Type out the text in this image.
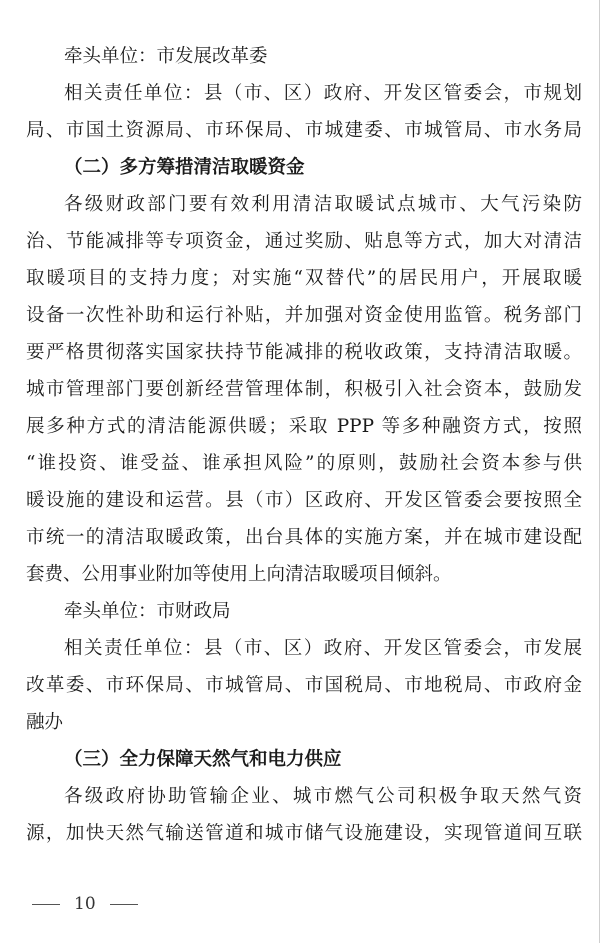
牵头单位：市发展改革委
相关责任单位：县（市、区）政府、开发区管委会，市规划
局、市国土资源局、市环保局、市城建委、市城管局、市水务局
（二）多方筹措清洁取暖资金
各级财政部门要有效利用清洁取暖试点城市、大气污染防
治、节能减排等专项资金，通过奖励、贴息等方式，加大对清洁
取暖项目的支持力度；对实施“双替代”的居民用户，开展取暖
设备一次性补助和运行补贴，并加强对资金使用监管。税务部门
要严格贯彻落实国家扶持节能减排的税收政策，支持清洁取暖。
城市管理部门要创新经营管理体制，积极引入社会资本，鼓励发
展多种方式的清洁能源供暖；采取 PPP 等多种融资方式，按照
“谁投资、谁受益、谁承担风险”的原则，鼓励社会资本参与供
暖设施的建设和运营。县（市）区政府、开发区管委会要按照全
市统一的清洁取暖政策，出台具体的实施方案，并在城市建设配
套费、公用事业附加等使用上向清洁取暖项目倾斜。
牵头单位：市财政局
相关责任单位：县（市、区）政府、开发区管委会，市发展
改革委、市环保局、市城管局、市国税局、市地税局、市政府金
融办
（三）全力保障天然气和电力供应
各级政府协助管输企业、城市燃气公司积极争取天然气资
源，加快天然气输送管道和城市储气设施建设，实现管道间互联
10
